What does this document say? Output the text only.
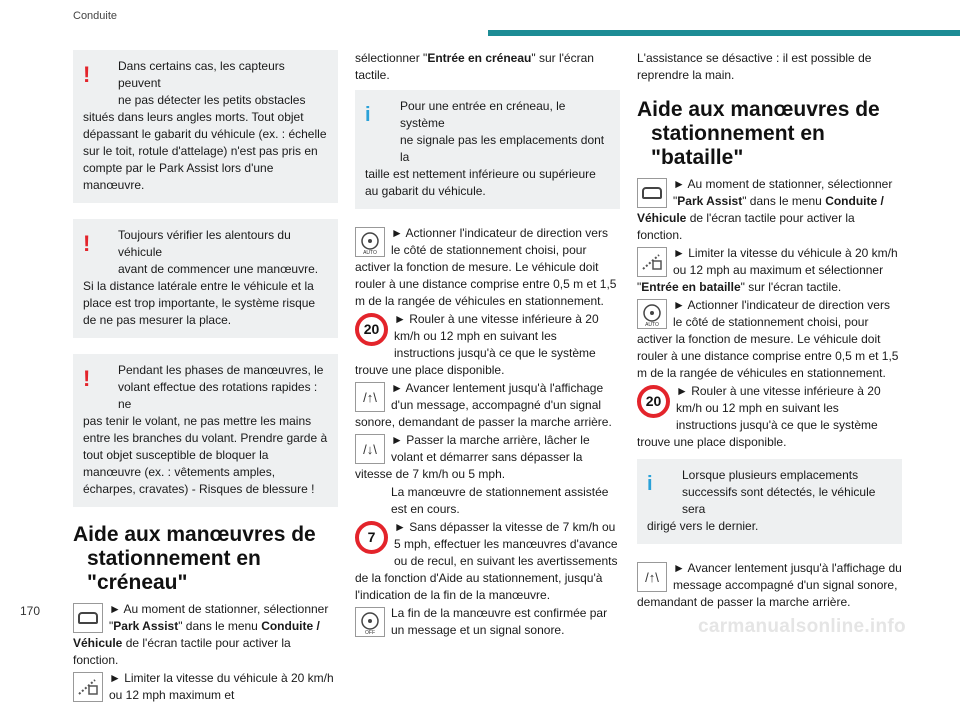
Conduite
!	Dans certains cas, les capteurs peuvent

ne pas détecter les petits obstacles

situés dans leurs angles morts. Tout objet dépassant le gabarit du véhicule (ex. : échelle sur le toit, rotule d'attelage) n'est pas pris en compte par le Park Assist lors d'une manœuvre.

!	Toujours vérifier les alentours du véhicule

avant de commencer une manœuvre.

Si la distance latérale entre le véhicule et la place est trop importante, le système risque de ne pas mesurer la place.

!	Pendant les phases de manœuvres, le

volant effectue des rotations rapides : ne

pas tenir le volant, ne pas mettre les mains entre les branches du volant. Prendre garde à tout objet susceptible de bloquer la manœuvre (ex. : vêtements amples, écharpes, cravates) - Risques de blessure !

Aide aux manœuvres de
stationnement en "créneau"
► Au moment de stationner, sélectionner "Park Assist" dans le menu Conduite / Véhicule de l'écran tactile pour activer la fonction.
► Limiter la vitesse du véhicule à 20 km/h ou 12 mph maximum et

sélectionner "Entrée en créneau" sur l'écran tactile.

i	Pour une entrée en créneau, le système

ne signale pas les emplacements dont la

taille est nettement inférieure ou supérieure au gabarit du véhicule.

AUTO
► Actionner l'indicateur de direction vers le côté de stationnement choisi, pour activer la fonction de mesure. Le véhicule doit rouler à une distance comprise entre 0,5 m et 1,5 m de la rangée de véhicules en stationnement.
20
► Rouler à une vitesse inférieure à 20 km/h ou 12 mph en suivant les instructions jusqu'à ce que le système trouve une place disponible.
/↑\
► Avancer lentement jusqu'à l'affichage d'un message, accompagné d'un signal sonore, demandant de passer la marche arrière.
/↓\
► Passer la marche arrière, lâcher le volant et démarrer sans dépasser la vitesse de 7 km/h ou 5 mph.
La manœuvre de stationnement assistée est en cours.
7
► Sans dépasser la vitesse de 7 km/h ou 5 mph, effectuer les manœuvres d'avance ou de recul, en suivant les avertissements de la fonction d'Aide au stationnement, jusqu'à l'indication de la fin de la manœuvre.
OFF
La fin de la manœuvre est confirmée par un message et un signal sonore.

L'assistance se désactive : il est possible de reprendre la main.

Aide aux manœuvres de
stationnement en "bataille"
► Au moment de stationner, sélectionner "Park Assist" dans le menu Conduite / Véhicule de l'écran tactile pour activer la fonction.
► Limiter la vitesse du véhicule à 20 km/h ou 12 mph au maximum et sélectionner "Entrée en bataille" sur l'écran tactile.
AUTO
► Actionner l'indicateur de direction vers le côté de stationnement choisi, pour activer la fonction de mesure. Le véhicule doit rouler à une distance comprise entre 0,5 m et 1,5 m de la rangée de véhicules en stationnement.
20
► Rouler à une vitesse inférieure à 20 km/h ou 12 mph en suivant les instructions jusqu'à ce que le système trouve une place disponible.
i	Lorsque plusieurs emplacements

successifs sont détectés, le véhicule sera

dirigé vers le dernier.

/↑\
► Avancer lentement jusqu'à l'affichage du message accompagné d'un signal sonore, demandant de passer la marche arrière.
170
carmanualsonline.info
